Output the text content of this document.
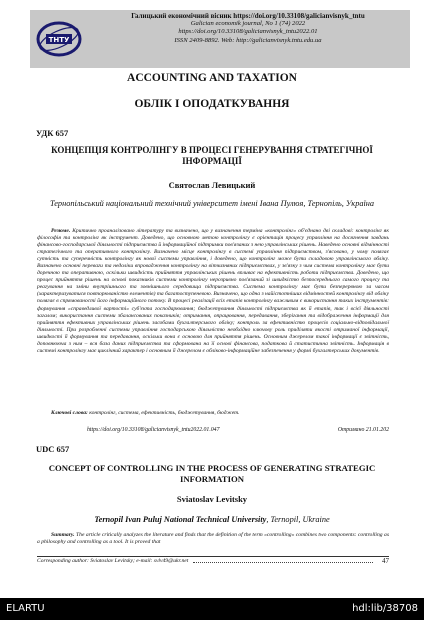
ТНТУ
Галицький економічний вісник https://doi.org/10.33108/galicianvisnyk_tntu
Galician economik journal, No 1 (74) 2022
https://doi.org/10.33108/galicianvisnyk_tntu2022.01
ISSN 2409-8892. Web: http://galicianvisnyk.tntu.edu.ua
ACCOUNTING AND TAXATION
ОБЛІК І ОПОДАТКУВАННЯ
УДК 657
КОНЦЕПЦІЯ КОНТРОЛІНГУ В ПРОЦЕСІ ГЕНЕРУВАННЯ СТРАТЕГІЧНОЇ ІНФОРМАЦІЇ
Святослав Левицький
Тернопільський національний технічний університет імені Івана Пулюя, Тернопіль, Україна
Резюме. Критично проаналізовано літературу та визначено, що у визначення терміна «контролінг» об'єднано дві складові: контролінг як філософія та контролінг як інструмент. Доведено, що основною метою контролінгу є орієнтація процесу управління на досягнення завдань фінансово-господарської діяльності підприємства й інформаційної підтримки пов'язаних з нею управлінських рішень. Наведено основні відмінності стратегічного та оперативного контролінгу. Визначено місце контролінгу в системі управління підприємством, з'ясовано, у чому полягає сутність та суперечність контролінгу як нової системи управління, і доведено, що контролінг може бути складовою управлінського обліку. Визначено основні переваги та недоліки впровадження контролінгу на вітчизняних підприємствах, у зв'язку з чим система контролінгу має бути доречною та оперативною, оскільки швидкість прийняття управлінських рішень впливає на ефективність роботи підприємства. Доведено, що процес прийняття рішень на основі показників системи контролінгу нерозривно пов'язаний зі швидкістю безпосереднього самого процесу та реагування на зміни внутрішнього та зовнішнього середовища підприємства. Система контролінгу має бути безперервною за часом (характеризуватися повторюваністю елементів) та багатоступеневою. Визначено, що одна з найістотніших відмінностей контролінгу від обліку полягає в спрямованості його інформаційного потоку. В процесі реалізації всіх етапів контролінгу важливим є використання таких інструментів: формування «справедливої вартості» суб'єкта господарювання; бюджетування діяльності підприємства як її етапів, так і всієї діяльності загалом; використання системи збалансованих показників; отримання, опрацювання, передавання, зберігання та відображення інформації для прийняття ефективних управлінських рішень засобами бухгалтерського обліку; контроль за ефективністю процесів соціально-відповідальної діяльності. При розробленні системи управління господарською діяльністю необхідно ключову роль приділяти якості отриманої інформації, швидкості її формування та передавання, оскільки вона є основою для прийняття рішень. Основним джерелом такої інформації є звітність, доповнююча з ним – вся база даних підприємства та сформована на її основі фінансова, податкова й статистична звітність. Інформація в системі контролінгу має циклічний характер і основним її джерелом є обліково-інформаційне забезпечення у формі бухгалтерських документів.
Ключові слова: контролінг, система, ефективність, бюджетування, бюджет.
https://doi.org/10.33108/galicianvisnyk_tntu2022.01.047	Отримано 21.01.202
UDC 657
CONCEPT OF CONTROLLING IN THE PROCESS OF GENERATING STRATEGIC INFORMATION
Sviatoslav Levitsky
Ternopil Ivan Puluj National Technical University, Ternopil, Ukraine
Summary. The article critically analyzes the literature and finds that the definition of the term «controlling» combines two components: controlling as a philosophy and controlling as a tool. It is proved that
Corresponding author: Sviatoslav Levitsky; e-mail: svlv49@ukr.net	47
ELARTU	hdl:lib/38708
